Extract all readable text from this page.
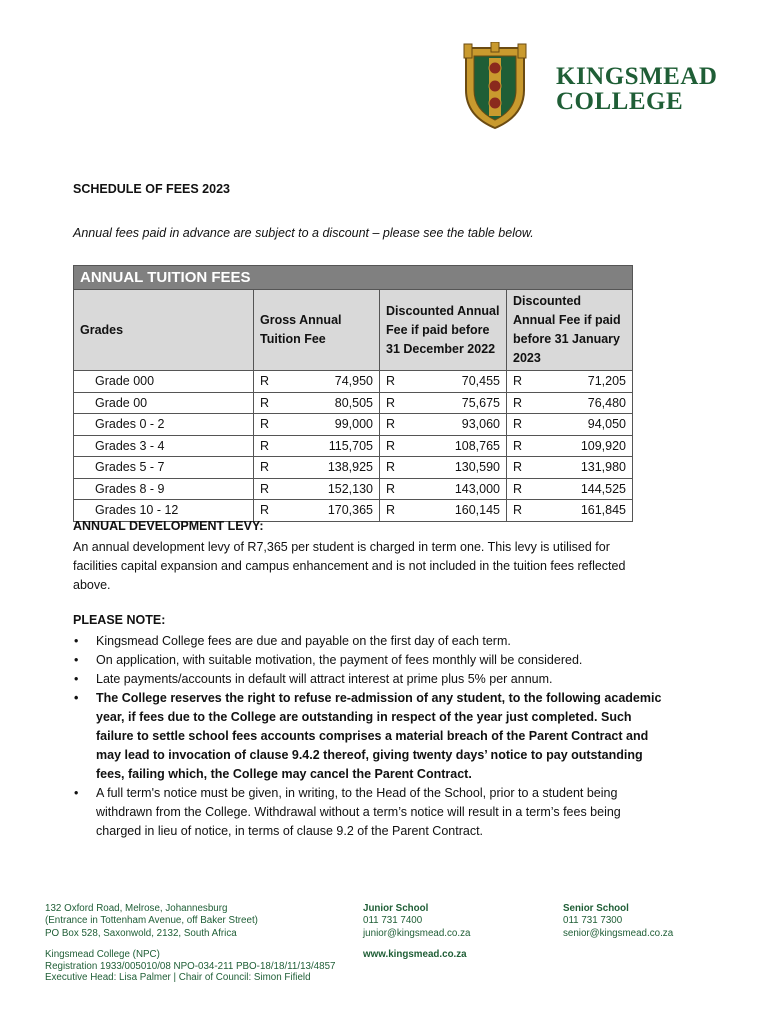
KINGSMEAD
COLLEGE
SCHEDULE OF FEES 2023
Annual fees paid in advance are subject to a discount – please see the table below.
ANNUAL TUITION FEES			
Grades	Gross Annual Tuition Fee	Discounted Annual Fee if paid before 31 December 2022	Discounted Annual Fee if paid before 31 January 2023
Grade 000	R 74,950	R 70,455	R 71,205

Grade 00	R 80,505	R 75,675	R 76,480

Grades 0 - 2	R 99,000	R 93,060	R 94,050

Grades 3 - 4	R 115,705	R 108,765	R 109,920

Grades 5 - 7	R 138,925	R 130,590	R 131,980

Grades 8 - 9	R 152,130	R 143,000	R 144,525

Grades 10 - 12	R 170,365	R 160,145	R 161,845
ANNUAL DEVELOPMENT LEVY:
An annual development levy of R7,365 per student is charged in term one. This levy is utilised for facilities capital expansion and campus enhancement and is not included in the tuition fees reflected above.
PLEASE NOTE:
• Kingsmead College fees are due and payable on the first day of each term.
• On application, with suitable motivation, the payment of fees monthly will be considered.
• Late payments/accounts in default will attract interest at prime plus 5% per annum.
• The College reserves the right to refuse re-admission of any student, to the following academic year, if fees due to the College are outstanding in respect of the year just completed. Such failure to settle school fees accounts comprises a material breach of the Parent Contract and may lead to invocation of clause 9.4.2 thereof, giving twenty days’ notice to pay outstanding fees, failing which, the College may cancel the Parent Contract.
• A full term's notice must be given, in writing, to the Head of the School, prior to a student being withdrawn from the College. Withdrawal without a term’s notice will result in a term’s fees being charged in lieu of notice, in terms of clause 9.2 of the Parent Contract.
132 Oxford Road, Melrose, Johannesburg
(Entrance in Tottenham Avenue, off Baker Street)
PO Box 528, Saxonwold, 2132, South Africa
Kingsmead College (NPC)
Registration 1933/005010/08 NPO-034-211 PBO-18/18/11/13/4857
Executive Head: Lisa Palmer | Chair of Council: Simon Fifield
Junior School
011 731 7400
junior@kingsmead.co.za
www.kingsmead.co.za
Senior School
011 731 7300
senior@kingsmead.co.za
